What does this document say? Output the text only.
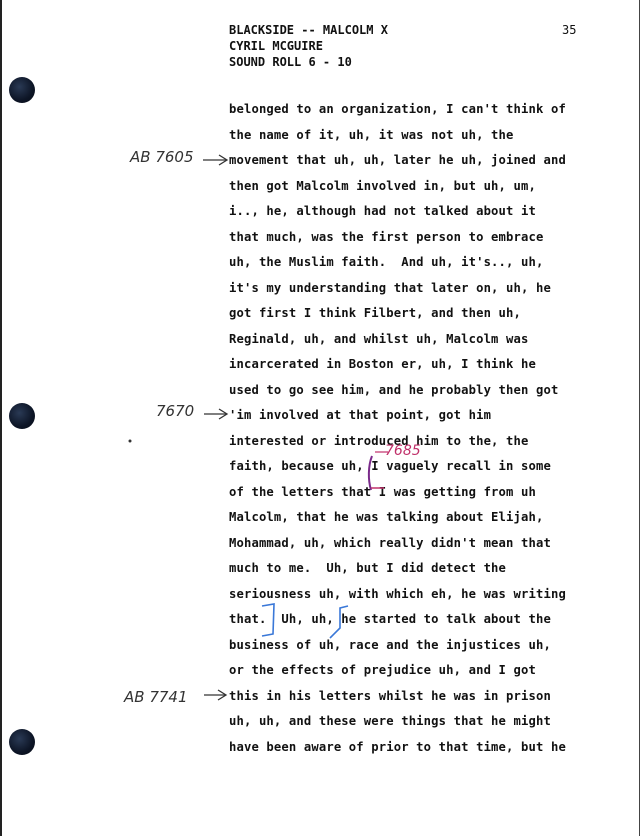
BLACKSIDE -- MALCOLM X
CYRIL MCGUIRE
SOUND ROLL 6 - 10
35
belonged to an organization, I can't think of
the name of it, uh, it was not uh, the
movement that uh, uh, later he uh, joined and
then got Malcolm involved in, but uh, um,
i.., he, although had not talked about it
that much, was the first person to embrace
uh, the Muslim faith.  And uh, it's.., uh,
it's my understanding that later on, uh, he
got first I think Filbert, and then uh,
Reginald, uh, and whilst uh, Malcolm was
incarcerated in Boston er, uh, I think he
used to go see him, and he probably then got
'im involved at that point, got him
interested or introduced him to the, the
faith, because uh, I vaguely recall in some
of the letters that I was getting from uh
Malcolm, that he was talking about Elijah,
Mohammad, uh, which really didn't mean that
much to me.  Uh, but I did detect the
seriousness uh, with which eh, he was writing
that.  Uh, uh, he started to talk about the
business of uh, race and the injustices uh,
or the effects of prejudice uh, and I got
this in his letters whilst he was in prison
uh, uh, and these were things that he might
have been aware of prior to that time, but he
AB 7605
7670
7685
AB 7741
